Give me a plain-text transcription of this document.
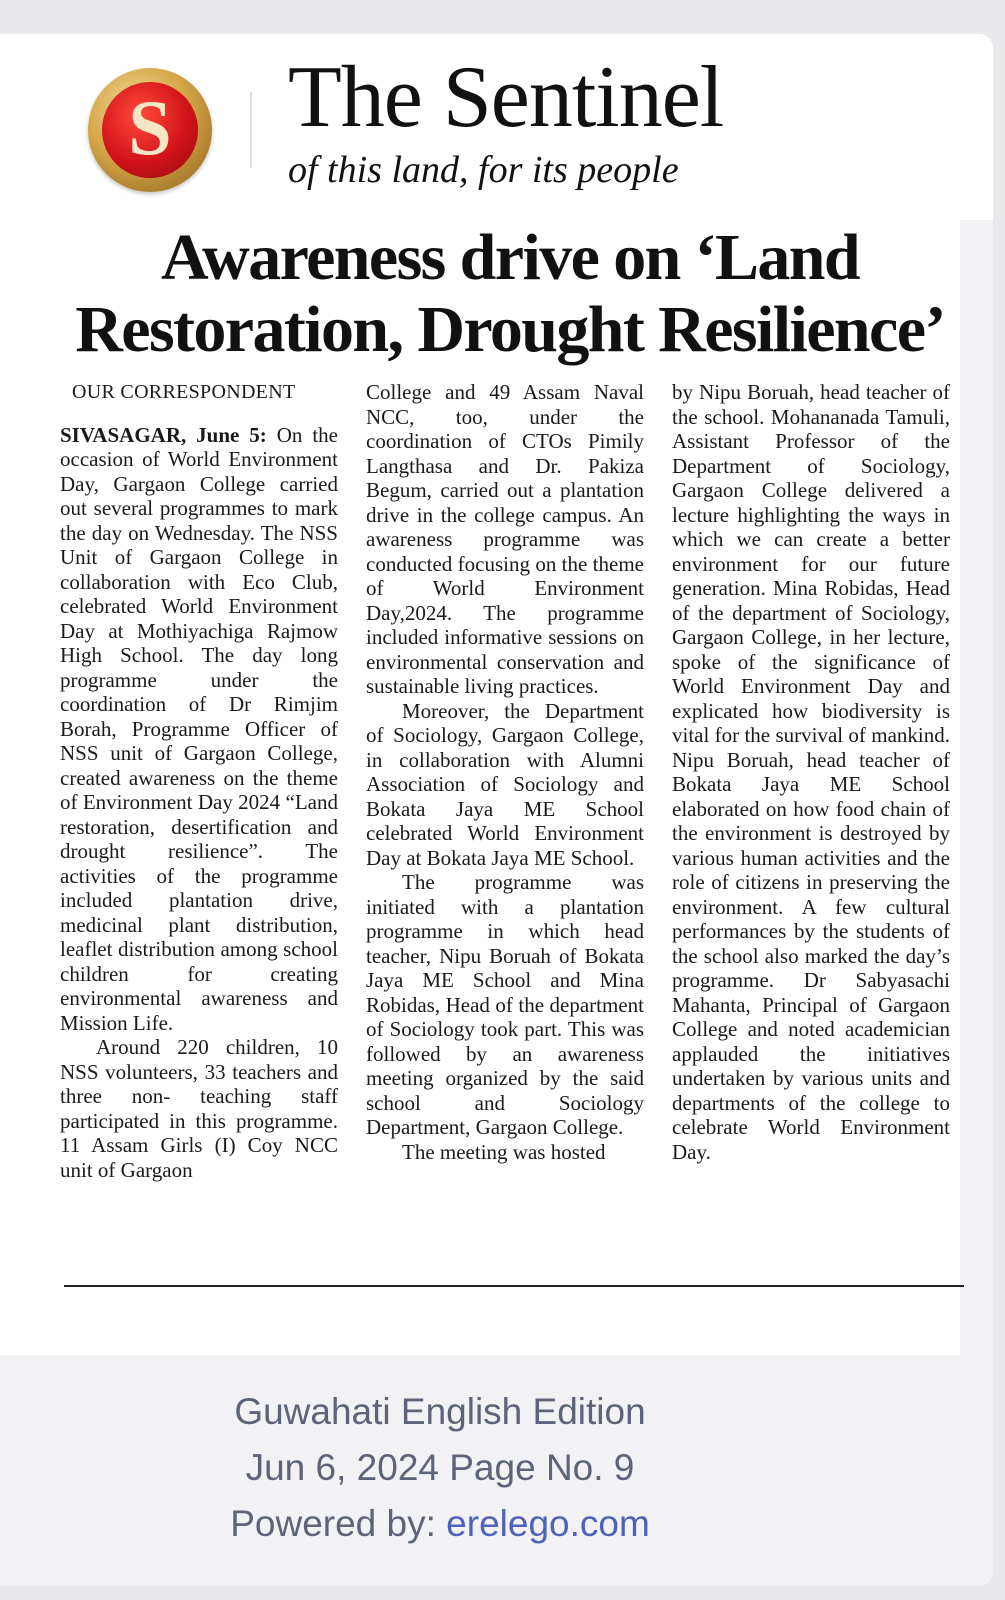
S The Sentinel
of this land, for its people
Awareness drive on ‘Land
Restoration, Drought Resilience’
OUR CORRESPONDENT

SIVASAGAR, June 5: On the occasion of World Environment Day, Gargaon College carried out several programmes to mark the day on Wednesday. The NSS Unit of Gargaon College in collaboration with Eco Club, celebrated World Environment Day at Mothiyachiga Rajmow High School. The day long programme under the coordination of Dr Rimjim Borah, Programme Officer of NSS unit of Gargaon College, created awareness on the theme of Environment Day 2024 “Land restoration, desertification and drought resilience”. The activities of the programme included plantation drive, medicinal plant distribution, leaflet distribution among school children for creating environmental awareness and Mission Life.

Around 220 children, 10 NSS volunteers, 33 teachers and three non- teaching staff participated in this programme. 11 Assam Girls (I) Coy NCC unit of Gargaon

College and 49 Assam Naval NCC, too, under the coordination of CTOs Pimily Langthasa and Dr. Pakiza Begum, carried out a plantation drive in the college campus. An awareness programme was conducted focusing on the theme of World Environment Day,2024. The programme included informative sessions on environmental conservation and sustainable living practices.

Moreover, the Department of Sociology, Gargaon College, in collaboration with Alumni Association of Sociology and Bokata Jaya ME School celebrated World Environment Day at Bokata Jaya ME School.

The programme was initiated with a plantation programme in which head teacher, Nipu Boruah of Bokata Jaya ME School and Mina Robidas, Head of the department of Sociology took part. This was followed by an awareness meeting organized by the said school and Sociology Department, Gargaon College.

The meeting was hosted

by Nipu Boruah, head teacher of the school. Mohananada Tamuli, Assistant Professor of the Department of Sociology, Gargaon College delivered a lecture highlighting the ways in which we can create a better environment for our future generation. Mina Robidas, Head of the department of Sociology, Gargaon College, in her lecture, spoke of the significance of World Environment Day and explicated how biodiversity is vital for the survival of mankind. Nipu Boruah, head teacher of Bokata Jaya ME School elaborated on how food chain of the environment is destroyed by various human activities and the role of citizens in preserving the environment. A few cultural performances by the students of the school also marked the day’s programme. Dr Sabyasachi Mahanta, Principal of Gargaon College and noted academician applauded the initiatives undertaken by various units and departments of the college to celebrate World Environment Day.

Guwahati English Edition
Jun 6, 2024 Page No. 9
Powered by: erelego.com
